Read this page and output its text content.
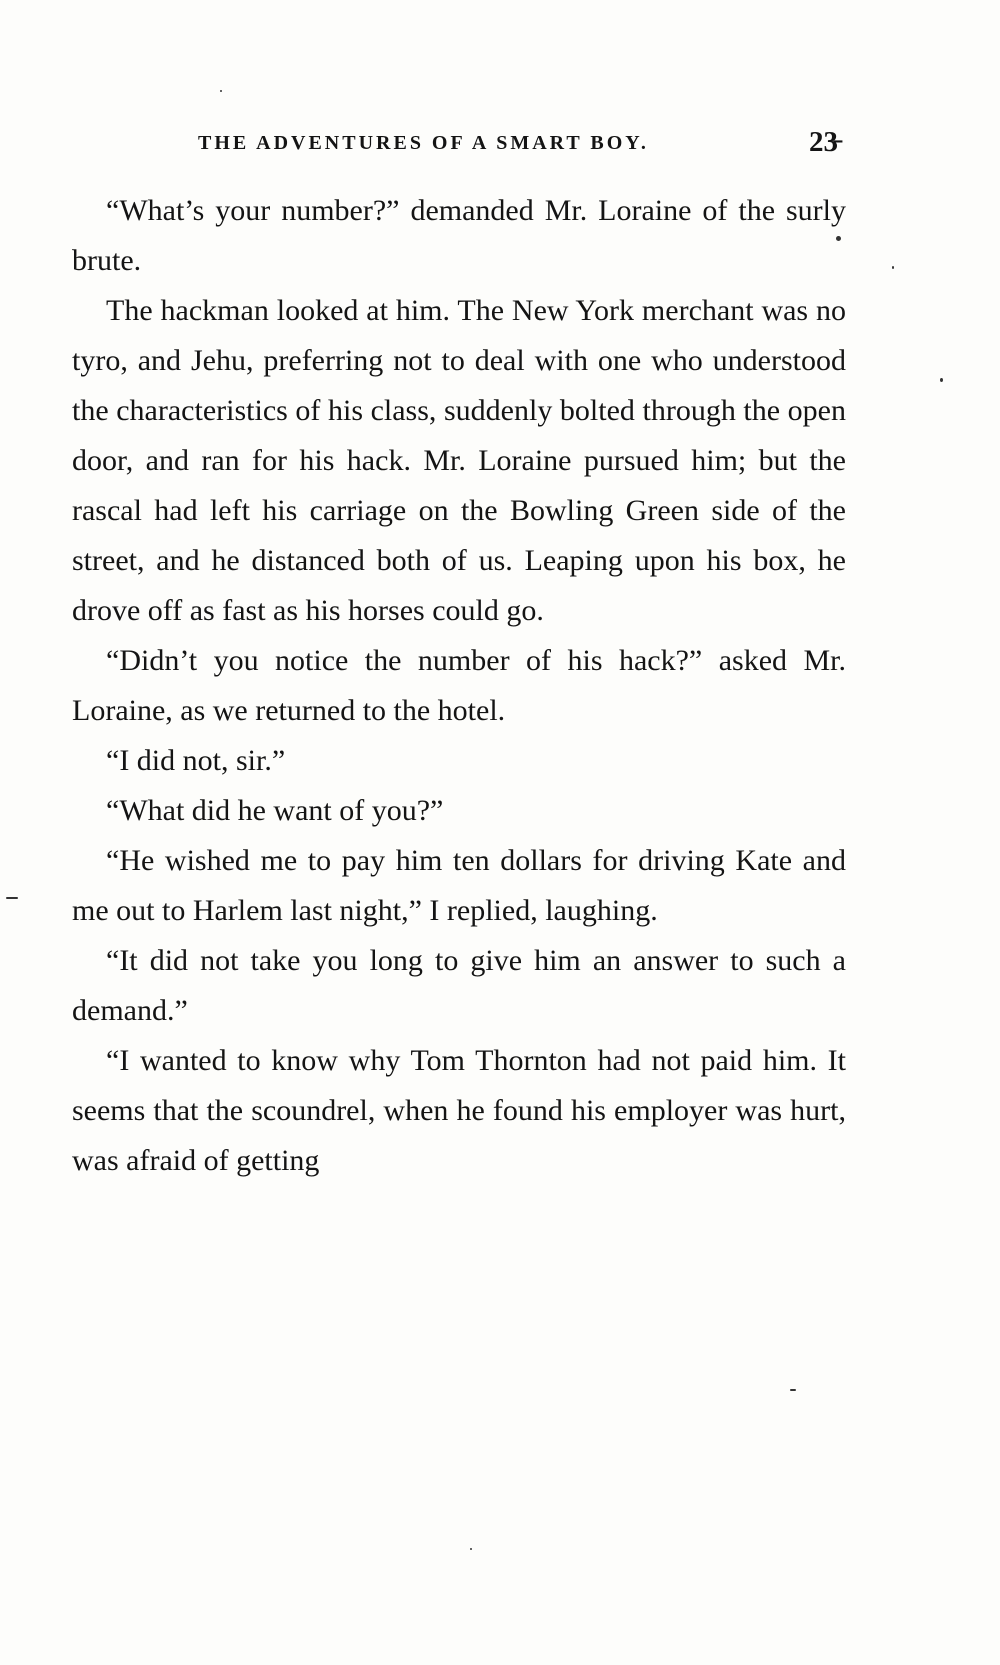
THE ADVENTURES OF A SMART BOY.	23̵

“What’s your number?” demanded Mr. Loraine of the surly brute.

The hackman looked at him. The New York merchant was no tyro, and Jehu, preferring not to deal with one who understood the characteristics of his class, suddenly bolted through the open door, and ran for his hack. Mr. Loraine pursued him; but the rascal had left his carriage on the Bowling Green side of the street, and he distanced both of us. Leaping upon his box, he drove off as fast as his horses could go.

“Didn’t you notice the number of his hack?” asked Mr. Loraine, as we returned to the hotel.

“I did not, sir.”

“What did he want of you?”

“He wished me to pay him ten dollars for driving Kate and me out to Harlem last night,” I replied, laughing.

“It did not take you long to give him an answer to such a demand.”

“I wanted to know why Tom Thornton had not paid him. It seems that the scoundrel, when he found his employer was hurt, was afraid of getting
